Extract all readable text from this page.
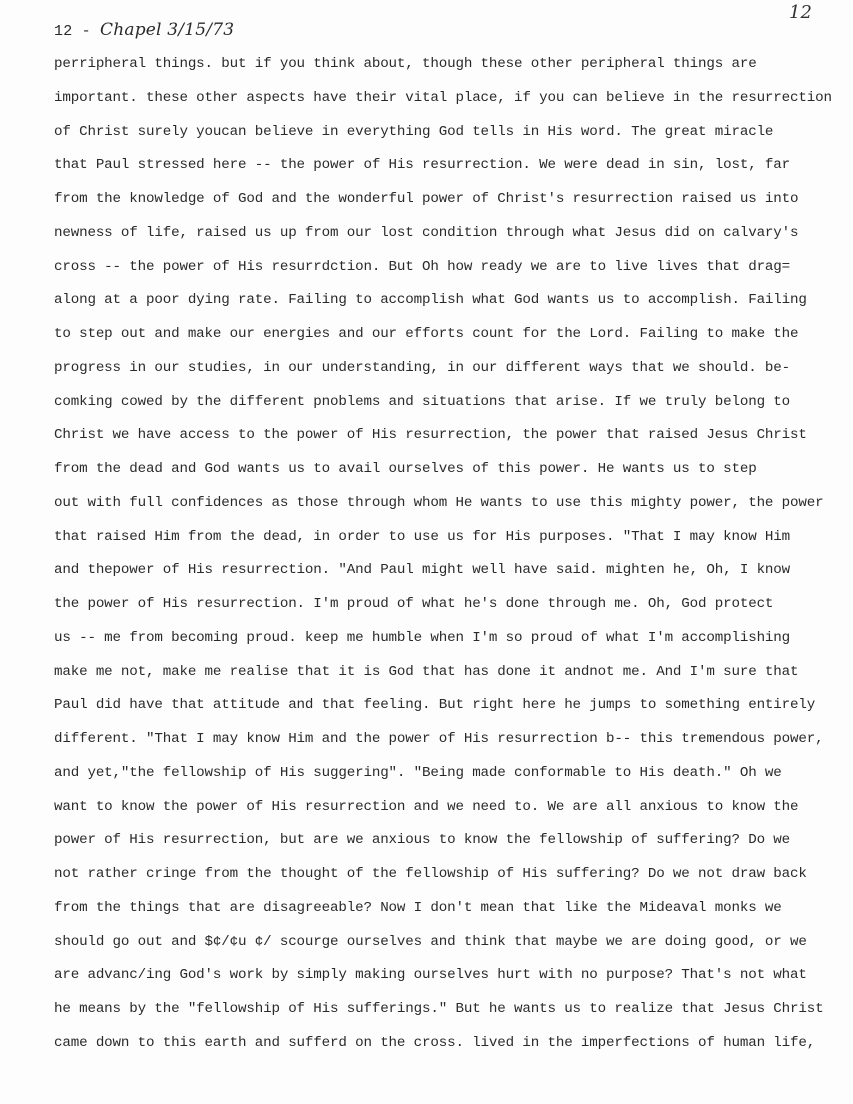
12 - Chapel 3/15/73
12
perripheral things. but if you think about, though these other peripheral things are
important. these other aspects have their vital place, if you can believe in the resurrection
of Christ surely youcan believe in everything God tells in His word. The great miracle
that Paul stressed here -- the power of His resurrection. We were dead in sin, lost, far
from the knowledge of God and the wonderful power of Christ's resurrection raised us into
newness of life, raised us up from our lost condition through what Jesus did on calvary's
cross -- the power of His resurrdction. But Oh how ready we are to live lives that drag=
along at a poor dying rate. Failing to accomplish what God wants us to accomplish. Failing
to step out and make our energies and our efforts count for the Lord. Failing to make the
progress in our studies, in our understanding, in our different ways that we should. be-
comking cowed by the different pnoblems and situations that arise. If we truly belong to
Christ we have access to the power of His resurrection, the power that raised Jesus Christ
from the dead and God wants us to avail ourselves of this power. He wants us to step
out with full confidences as those through whom He wants to use this mighty power, the power
that raised Him from the dead, in order to use us for His purposes. "That I may know Him
and thepower of His resurrection. "And Paul might well have said. mighten he, Oh, I know
the power of His resurrection. I'm proud of what he's done through me. Oh, God protect
us -- me from becoming proud. keep me humble when I'm so proud of what I'm accomplishing
make me not, make me realise that it is God that has done it andnot me. And I'm sure that
Paul did have that attitude and that feeling. But right here he jumps to something entirely
different. "That I may know Him and the power of His resurrection b-- this tremendous power,
and yet,"the fellowship of His suggering". "Being made conformable to His death." Oh we
want to know the power of His resurrection and we need to. We are all anxious to know the
power of His resurrection, but are we anxious to know the fellowship of suffering? Do we
not rather cringe from the thought of the fellowship of His suffering? Do we not draw back
from the things that are disagreeable? Now I don't mean that like the Mideaval monks we
should go out and $¢/¢u ¢/ scourge ourselves and think that maybe we are doing good, or we
are advanc/ing God's work by simply making ourselves hurt with no purpose? That's not what
he means by the "fellowship of His sufferings." But he wants us to realize that Jesus Christ
came down to this earth and sufferd on the cross. lived in the imperfections of human life,
